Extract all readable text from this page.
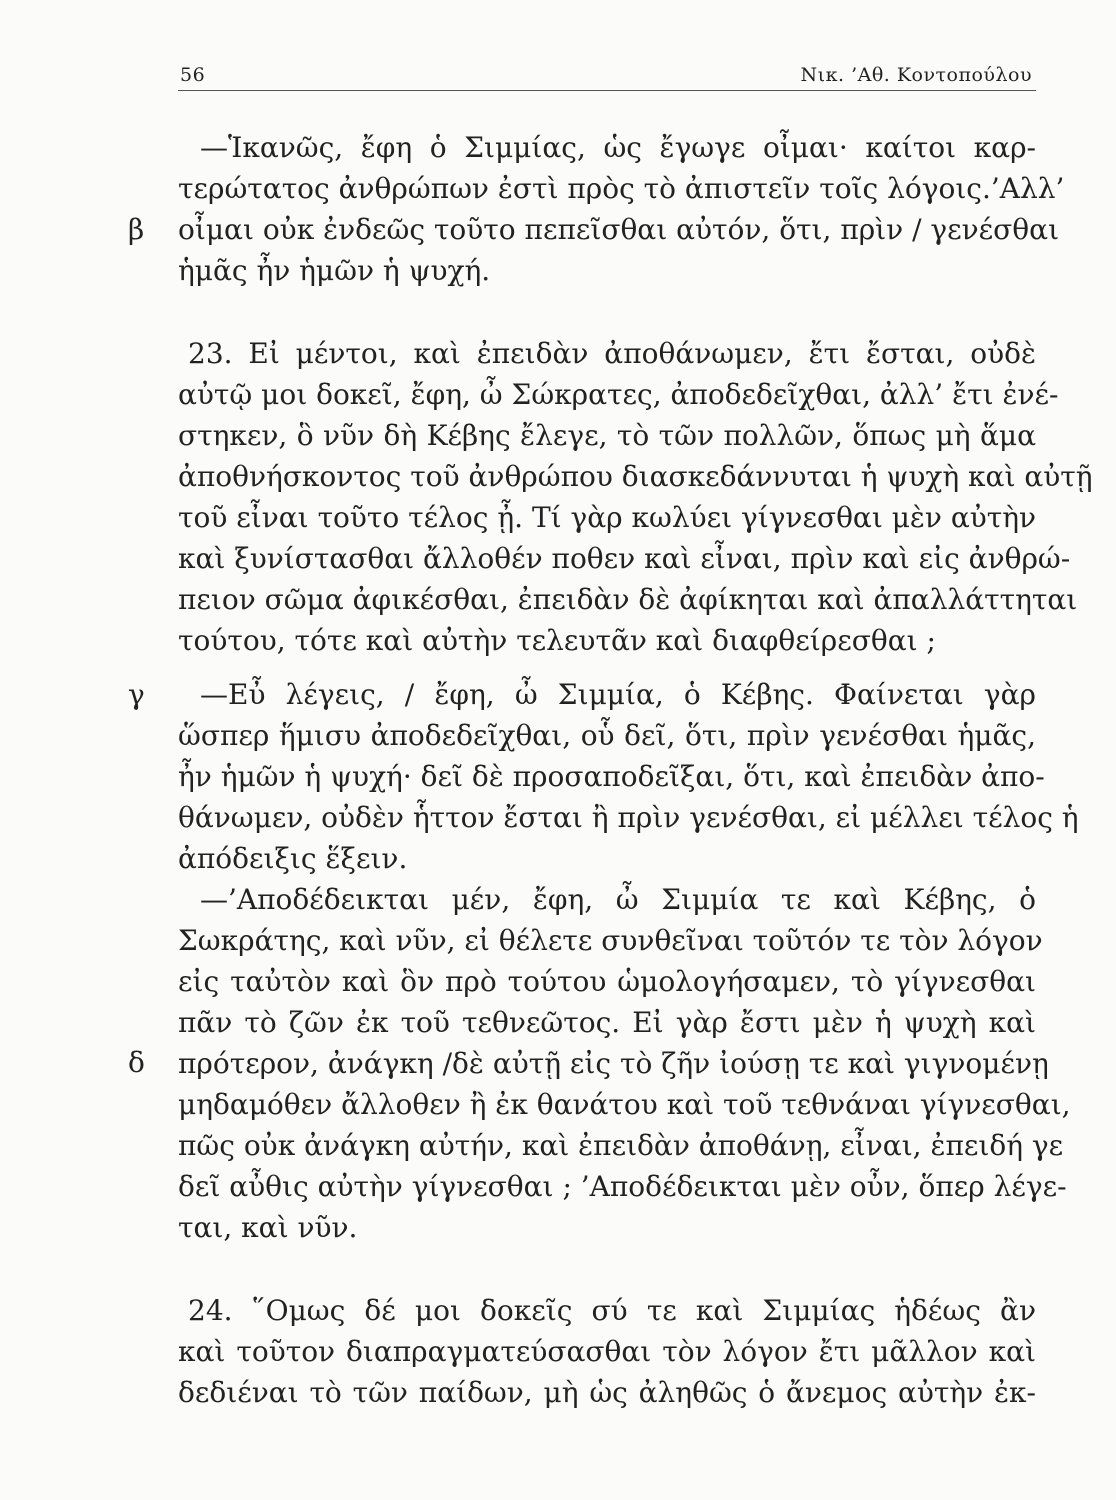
56	Νικ. ’Αθ. Κοντοπούλου
β
γ
δ
—Ἱκανῶς, ἔφη ὁ Σιμμίας, ὡς ἔγωγε οἶμαι· καίτοι καρ-
τερώτατος ἀνθρώπων ἐστὶ πρὸς τὸ ἀπιστεῖν τοῖς λόγοις.’Αλλ’
οἶμαι οὐκ ἐνδεῶς τοῦτο πεπεῖσθαι αὐτόν, ὅτι, πρὶν / γενέσθαι
ἡμᾶς ἦν ἡμῶν ἡ ψυχή.
23. Εἰ μέντοι, καὶ ἐπειδὰν ἀποθάνωμεν, ἔτι ἔσται, οὐδὲ
αὐτῷ μοι δοκεῖ, ἔφη, ὦ Σώκρατες, ἀποδεδεῖχθαι, ἀλλ’ ἔτι ἐνέ-
στηκεν, ὃ νῦν δὴ Κέβης ἔλεγε, τὸ τῶν πολλῶν, ὅπως μὴ ἅμα
ἀποθνήσκοντος τοῦ ἀνθρώπου διασκεδάννυται ἡ ψυχὴ καὶ αὐτῇ
τοῦ εἶναι τοῦτο τέλος ᾖ. Τί γὰρ κωλύει γίγνεσθαι μὲν αὐτὴν
καὶ ξυνίστασθαι ἄλλοθέν ποθεν καὶ εἶναι, πρὶν καὶ εἰς ἀνθρώ-
πειον σῶμα ἀφικέσθαι, ἐπειδὰν δὲ ἀφίκηται καὶ ἀπαλλάττηται
τούτου, τότε καὶ αὐτὴν τελευτᾶν καὶ διαφθείρεσθαι ;
—Εὖ λέγεις, / ἔφη, ὦ Σιμμία, ὁ Κέβης. Φαίνεται γὰρ
ὥσπερ ἥμισυ ἀποδεδεῖχθαι, οὗ δεῖ, ὅτι, πρὶν γενέσθαι ἡμᾶς,
ἦν ἡμῶν ἡ ψυχή· δεῖ δὲ προσαποδεῖξαι, ὅτι, καὶ ἐπειδὰν ἀπο-
θάνωμεν, οὐδὲν ἧττον ἔσται ἢ πρὶν γενέσθαι, εἰ μέλλει τέλος ἡ
ἀπόδειξις ἕξειν.
—’Αποδέδεικται μέν, ἔφη, ὦ Σιμμία τε καὶ Κέβης, ὁ
Σωκράτης, καὶ νῦν, εἰ θέλετε συνθεῖναι τοῦτόν τε τὸν λόγον
εἰς ταὐτὸν καὶ ὃν πρὸ τούτου ὡμολογήσαμεν, τὸ γίγνεσθαι
πᾶν τὸ ζῶν ἐκ τοῦ τεθνεῶτος. Εἰ γὰρ ἔστι μὲν ἡ ψυχὴ καὶ
πρότερον, ἀνάγκη /δὲ αὐτῇ εἰς τὸ ζῆν ἰούσῃ τε καὶ γιγνομένῃ
μηδαμόθεν ἄλλοθεν ἢ ἐκ θανάτου καὶ τοῦ τεθνάναι γίγνεσθαι,
πῶς οὐκ ἀνάγκη αὐτήν, καὶ ἐπειδὰν ἀποθάνῃ, εἶναι, ἐπειδή γε
δεῖ αὖθις αὐτὴν γίγνεσθαι ; ’Αποδέδεικται μὲν οὖν, ὅπερ λέγε-
ται, καὶ νῦν.
24. ῞Ομως δέ μοι δοκεῖς σύ τε καὶ Σιμμίας ἡδέως ἂν
καὶ τοῦτον διαπραγματεύσασθαι τὸν λόγον ἔτι μᾶλλον καὶ
δεδιέναι τὸ τῶν παίδων, μὴ ὡς ἀληθῶς ὁ ἄνεμος αὐτὴν ἐκ-
